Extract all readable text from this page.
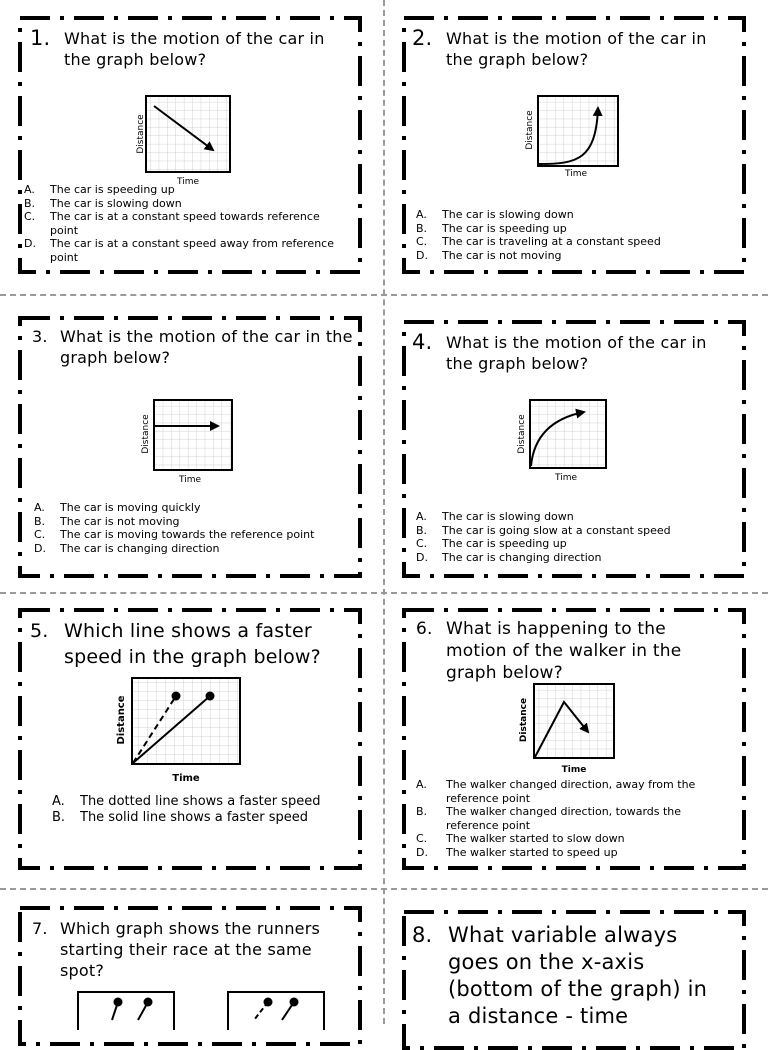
1. What is the motion of the car in the graph below?
Distance
Time
A.	The car is speeding up
B.	The car is slowing down
C.	The car is at a constant speed towards reference point
D.	The car is at a constant speed away from reference point
2. What is the motion of the car in the graph below?
Distance
Time
A.	The car is slowing down
B.	The car is speeding up
C.	The car is traveling at a constant speed
D.	The car is not moving
3. What is the motion of the car in the graph below?
Distance
Time
A.	The car is moving quickly
B.	The car is not moving
C.	The car is moving towards the reference point
D.	The car is changing direction
4. What is the motion of the car in the graph below?
Distance
Time
A.	The car is slowing down
B.	The car is going slow at a constant speed
C.	The car is speeding up
D.	The car is changing direction
5. Which line shows a faster speed in the graph below?
Distance
Time
A.	The dotted line shows a faster speed
B.	The solid line shows a faster speed
6. What is happening to the motion of the walker in the graph below?
Distance
Time
A.	The walker changed direction, away from the reference point
B.	The walker changed direction, towards the reference point
C.	The walker started to slow down
D.	The walker started to speed up
7. Which graph shows the runners starting their race at the same spot?
8. What variable always goes on the x-axis (bottom of the graph) in a distance - time
